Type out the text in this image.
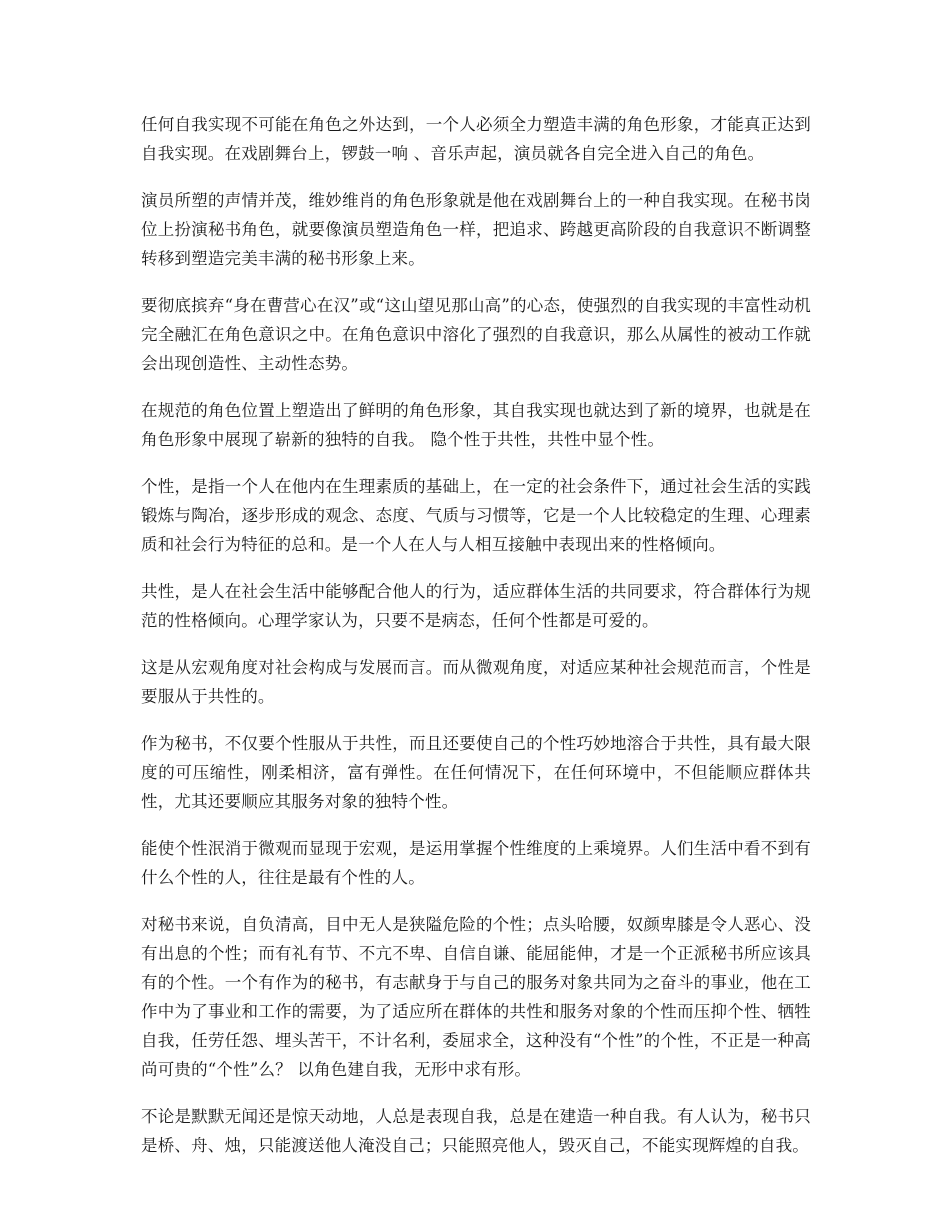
任何自我实现不可能在角色之外达到，一个人必须全力塑造丰满的角色形象，才能真正达到自我实现。在戏剧舞台上，锣鼓一响 、音乐声起，演员就各自完全进入自己的角色。

演员所塑的声情并茂，维妙维肖的角色形象就是他在戏剧舞台上的一种自我实现。在秘书岗位上扮演秘书角色，就要像演员塑造角色一样，把追求、跨越更高阶段的自我意识不断调整转移到塑造完美丰满的秘书形象上来。

要彻底摈弃“身在曹营心在汉”或“这山望见那山高”的心态，使强烈的自我实现的丰富性动机完全融汇在角色意识之中。在角色意识中溶化了强烈的自我意识，那么从属性的被动工作就会出现创造性、主动性态势。

在规范的角色位置上塑造出了鲜明的角色形象，其自我实现也就达到了新的境界，也就是在角色形象中展现了崭新的独特的自我。 隐个性于共性，共性中显个性。

个性，是指一个人在他内在生理素质的基础上，在一定的社会条件下，通过社会生活的实践锻炼与陶冶，逐步形成的观念、态度、气质与习惯等，它是一个人比较稳定的生理、心理素质和社会行为特征的总和。是一个人在人与人相互接触中表现出来的性格倾向。

共性，是人在社会生活中能够配合他人的行为，适应群体生活的共同要求，符合群体行为规范的性格倾向。心理学家认为，只要不是病态，任何个性都是可爱的。

这是从宏观角度对社会构成与发展而言。而从微观角度，对适应某种社会规范而言，个性是要服从于共性的。

作为秘书，不仅要个性服从于共性，而且还要使自己的个性巧妙地溶合于共性，具有最大限度的可压缩性，刚柔相济，富有弹性。在任何情况下，在任何环境中，不但能顺应群体共性，尤其还要顺应其服务对象的独特个性。

能使个性泯消于微观而显现于宏观，是运用掌握个性维度的上乘境界。人们生活中看不到有什么个性的人，往往是最有个性的人。

对秘书来说，自负清高，目中无人是狭隘危险的个性；点头哈腰，奴颜卑膝是令人恶心、没有出息的个性；而有礼有节、不亢不卑、自信自谦、能屈能伸，才是一个正派秘书所应该具有的个性。一个有作为的秘书，有志献身于与自己的服务对象共同为之奋斗的事业，他在工作中为了事业和工作的需要，为了适应所在群体的共性和服务对象的个性而压抑个性、牺牲自我，任劳任怨、埋头苦干，不计名利，委屈求全，这种没有“个性”的个性，不正是一种高尚可贵的“个性”么？ 以角色建自我，无形中求有形。

不论是默默无闻还是惊天动地，人总是表现自我，总是在建造一种自我。有人认为，秘书只是桥、舟、烛，只能渡送他人淹没自己；只能照亮他人，毁灭自己，不能实现辉煌的自我。
